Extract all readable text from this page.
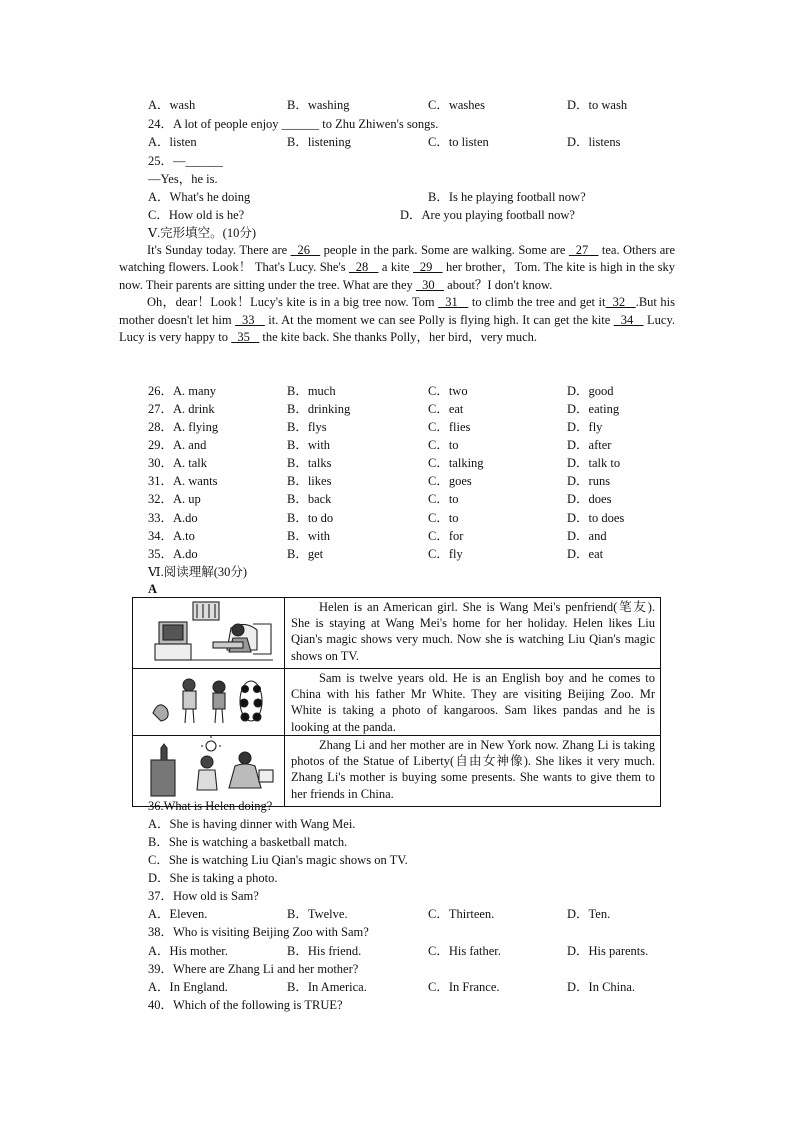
A．wash	B．washing	C．washes	D．to wash
24．A lot of people enjoy ______ to Zhu Zhiwen's songs.
A．listen	B．listening	C．to listen	D．listens
25．—______
—Yes，he is.
A．What's he doing	B．Is he playing football now?
C．How old is he?	D．Are you playing football now?
Ⅴ.完形填空。(10分)

It's Sunday today. There are   26    people in the park. Some are walking. Some are   27    tea. Others are watching flowers. Look！ That's Lucy. She's   28    a kite   29    her brother，Tom. The kite is high in the sky now. Their parents are sitting under the tree. What are they   30    about？I don't know.

Oh，dear！Look！Lucy's kite is in a big tree now. Tom   31    to climb the tree and get it  32   .But his mother doesn't let him   33    it. At the moment we can see Polly is flying high. It can get the kite   34    Lucy. Lucy is very happy to   35    the kite back. She thanks Polly，her bird，very much.

26．A. many	B．much	C．two	D．good
27．A. drink	B．drinking	C．eat	D．eating
28．A. flying	B．flys	C．flies	D．fly
29．A. and	B．with	C．to	D．after
30．A. talk	B．talks	C．talking	D．talk to
31．A. wants	B．likes	C．goes	D．runs
32．A. up	B．back	C．to	D．does
33．A.do	B．to do	C．to	D．to does
34．A.to	B．with	C．for	D．and
35．A.do	B．get	C．fly	D．eat
Ⅵ.阅读理解(30分)
A

Helen is an American girl. She is Wang Mei's penfriend(笔友). She is staying at Wang Mei's home for her holiday. Helen likes Liu Qian's magic shows very much. Now she is watching Liu Qian's magic shows on TV.

Sam is twelve years old. He is an English boy and he comes to China with his father Mr White. They are visiting Beijing Zoo. Mr White is taking a photo of kangaroos. Sam likes pandas and he is looking at the panda.

Zhang Li and her mother are in New York now. Zhang Li is taking photos of the Statue of Liberty(自由女神像). She likes it very much. Zhang Li's mother is buying some presents. She wants to give them to her friends in China.

36.What is Helen doing?
A．She is having dinner with Wang Mei.
B．She is watching a basketball match.
C．She is watching Liu Qian's magic shows on TV.
D．She is taking a photo.
37．How old is Sam?
A．Eleven.	B．Twelve.	C．Thirteen.	D．Ten.
38．Who is visiting Beijing Zoo with Sam?
A．His mother.	B．His friend.	C．His father.	D．His parents.
39．Where are Zhang Li and her mother?
A．In England.	B．In America.	C．In France.	D．In China.
40．Which of the following is TRUE?
